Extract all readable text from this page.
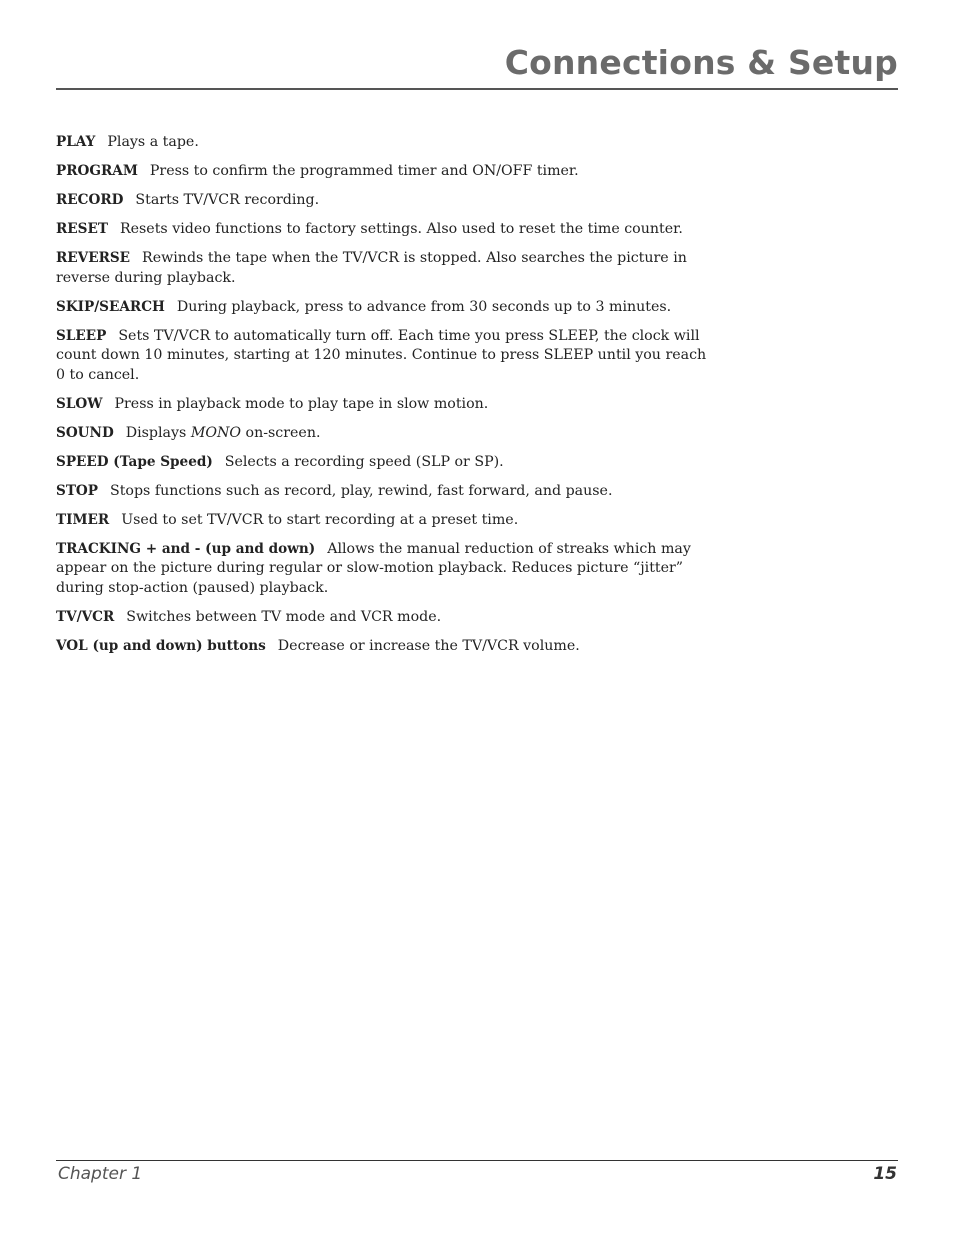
Connections & Setup

PLAY Plays a tape.

PROGRAM Press to confirm the programmed timer and ON/OFF timer.

RECORD Starts TV/VCR recording.

RESET Resets video functions to factory settings. Also used to reset the time counter.

REVERSE Rewinds the tape when the TV/VCR is stopped. Also searches the picture in reverse during playback.

SKIP/SEARCH During playback, press to advance from 30 seconds up to 3 minutes.

SLEEP Sets TV/VCR to automatically turn off. Each time you press SLEEP, the clock will count down 10 minutes, starting at 120 minutes. Continue to press SLEEP until you reach 0 to cancel.

SLOW Press in playback mode to play tape in slow motion.

SOUND Displays MONO on-screen.

SPEED (Tape Speed) Selects a recording speed (SLP or SP).

STOP Stops functions such as record, play, rewind, fast forward, and pause.

TIMER Used to set TV/VCR to start recording at a preset time.

TRACKING + and - (up and down) Allows the manual reduction of streaks which may appear on the picture during regular or slow-motion playback. Reduces picture “jitter” during stop-action (paused) playback.

TV/VCR Switches between TV mode and VCR mode.

VOL (up and down) buttons Decrease or increase the TV/VCR volume.

Chapter 1	15
